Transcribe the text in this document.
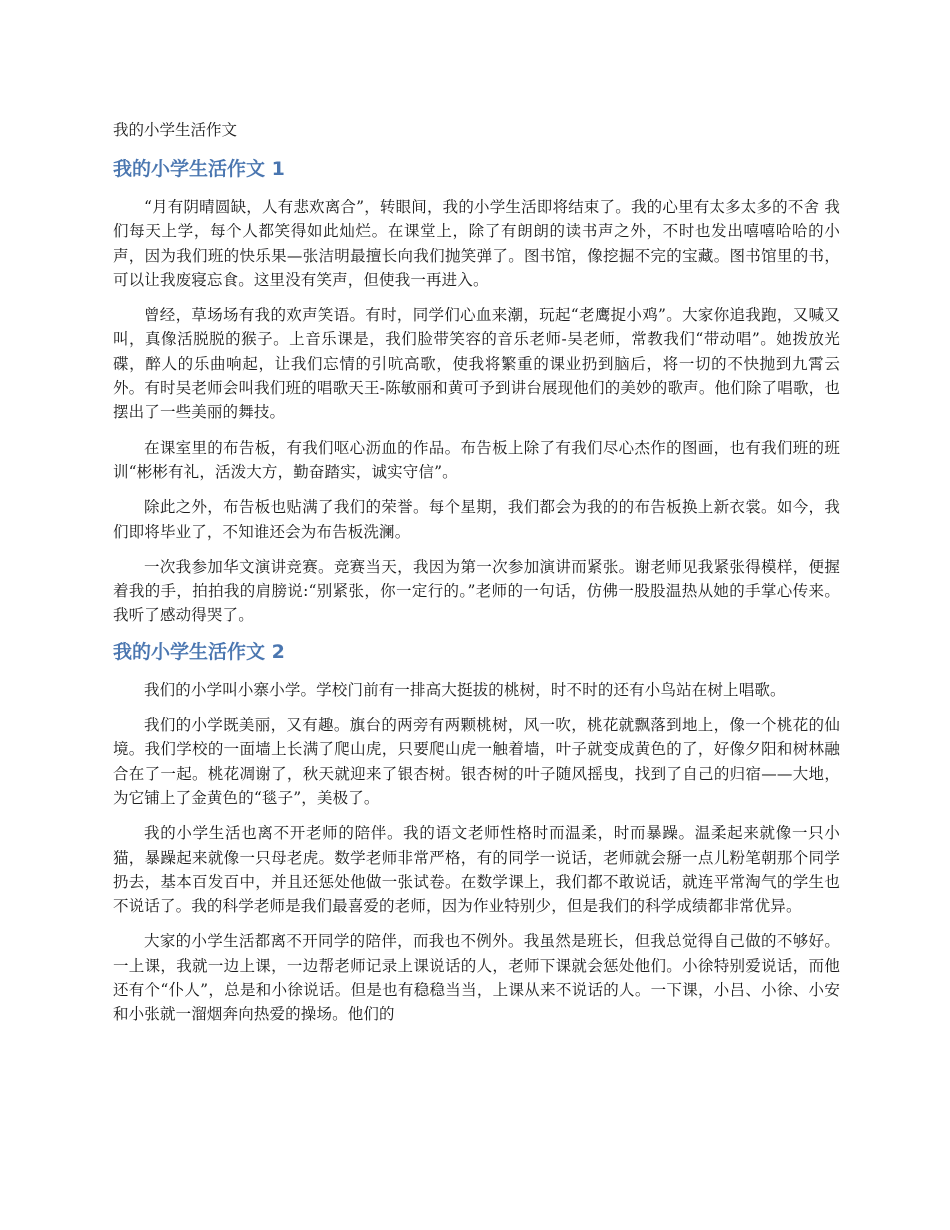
我的小学生活作文
我的小学生活作文 1

“月有阴晴圆缺，人有悲欢离合”，转眼间，我的小学生活即将结束了。我的心里有太多太多的不舍 我们每天上学，每个人都笑得如此灿烂。在课堂上，除了有朗朗的读书声之外，不时也发出嘻嘻哈哈的小声，因为我们班的快乐果—张洁明最擅长向我们抛笑弹了。图书馆，像挖掘不完的宝藏。图书馆里的书，可以让我废寝忘食。这里没有笑声，但使我一再进入。

曾经，草场场有我的欢声笑语。有时，同学们心血来潮，玩起“老鹰捉小鸡”。大家你追我跑，又喊又叫，真像活脱脱的猴子。上音乐课是，我们脸带笑容的音乐老师-吴老师，常教我们“带动唱”。她拨放光碟，醉人的乐曲响起，让我们忘情的引吭高歌，使我将繁重的课业扔到脑后，将一切的不快抛到九霄云外。有时吴老师会叫我们班的唱歌天王-陈敏丽和黄可予到讲台展现他们的美妙的歌声。他们除了唱歌，也摆出了一些美丽的舞技。

在课室里的布告板，有我们呕心沥血的作品。布告板上除了有我们尽心杰作的图画，也有我们班的班训“彬彬有礼，活泼大方，勤奋踏实，诚实守信”。

除此之外，布告板也贴满了我们的荣誉。每个星期，我们都会为我的的布告板换上新衣裳。如今，我们即将毕业了，不知谁还会为布告板洗澜。

一次我参加华文演讲竞赛。竞赛当天，我因为第一次参加演讲而紧张。谢老师见我紧张得模样，便握着我的手，拍拍我的肩膀说:“别紧张，你一定行的。”老师的一句话，仿佛一股股温热从她的手掌心传来。我听了感动得哭了。

我的小学生活作文 2

我们的小学叫小寨小学。学校门前有一排高大挺拔的桃树，时不时的还有小鸟站在树上唱歌。

我们的小学既美丽，又有趣。旗台的两旁有两颗桃树，风一吹，桃花就飘落到地上，像一个桃花的仙境。我们学校的一面墙上长满了爬山虎，只要爬山虎一触着墙，叶子就变成黄色的了，好像夕阳和树林融合在了一起。桃花凋谢了，秋天就迎来了银杏树。银杏树的叶子随风摇曳，找到了自己的归宿——大地，为它铺上了金黄色的“毯子”，美极了。

我的小学生活也离不开老师的陪伴。我的语文老师性格时而温柔，时而暴躁。温柔起来就像一只小猫，暴躁起来就像一只母老虎。数学老师非常严格，有的同学一说话，老师就会掰一点儿粉笔朝那个同学扔去，基本百发百中，并且还惩处他做一张试卷。在数学课上，我们都不敢说话，就连平常淘气的学生也不说话了。我的科学老师是我们最喜爱的老师，因为作业特别少，但是我们的科学成绩都非常优异。

大家的小学生活都离不开同学的陪伴，而我也不例外。我虽然是班长，但我总觉得自己做的不够好。一上课，我就一边上课，一边帮老师记录上课说话的人，老师下课就会惩处他们。小徐特别爱说话，而他还有个“仆人”，总是和小徐说话。但是也有稳稳当当，上课从来不说话的人。一下课，小吕、小徐、小安和小张就一溜烟奔向热爱的操场。他们的
